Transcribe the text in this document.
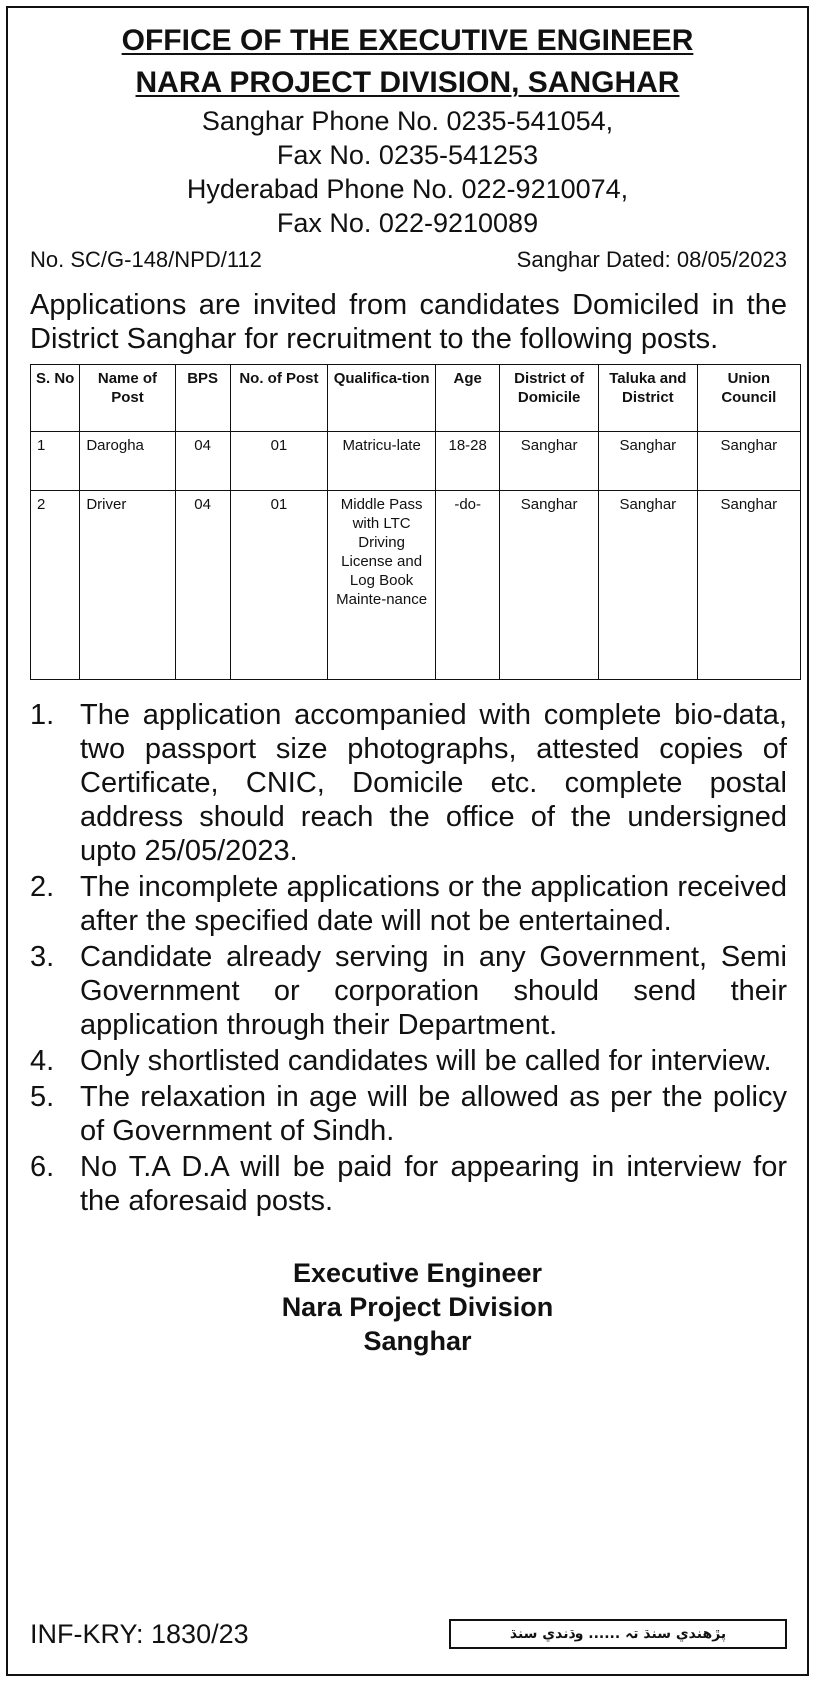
OFFICE OF THE EXECUTIVE ENGINEER
NARA PROJECT DIVISION, SANGHAR
Sanghar Phone No. 0235-541054,
Fax No. 0235-541253
Hyderabad Phone No. 022-9210074,
Fax No. 022-9210089
No. SC/G-148/NPD/112	Sanghar Dated: 08/05/2023
Applications are invited from candidates Domiciled in the District Sanghar for recruitment to the following posts.
S. No	Name of Post	BPS	No. of Post	Qualifica-tion	Age	District of Domicile	Taluka and District	Union Council
1	Darogha	04	01	Matricu-late	18-28	Sanghar	Sanghar	Sanghar
2	Driver	04	01	Middle Pass with LTC Driving License and Log Book Mainte-nance	-do-	Sanghar	Sanghar	Sanghar
1. The application accompanied with complete bio-data, two passport size photographs, attested copies of Certificate, CNIC, Domicile etc. complete postal address should reach the office of the undersigned upto 25/05/2023.
2. The incomplete applications or the application received after the specified date will not be entertained.
3. Candidate already serving in any Government, Semi Government or corporation should send their application through their Department.
4. Only shortlisted candidates will be called for interview.
5. The relaxation in age will be allowed as per the policy of Government of Sindh.
6. No T.A D.A will be paid for appearing in interview for the aforesaid posts.
Executive Engineer
Nara Project Division
Sanghar
INF-KRY: 1830/23	پڙهندي سنڌ تہ ...... وڌندي سنڌ
